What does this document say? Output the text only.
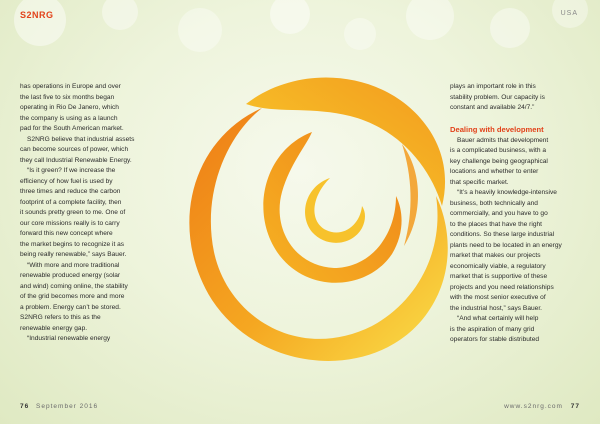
S2NRG	USA

has operations in Europe and over

the last five to six months began

operating in Rio De Janero, which

the company is using as a launch

pad for the South American market.

S2NRG believe that industrial assets

can become sources of power, which

they call Industrial Renewable Energy.

“Is it green? If we increase the

efficiency of how fuel is used by

three times and reduce the carbon

footprint of a complete facility, then

it sounds pretty green to me. One of

our core missions really is to carry

forward this new concept where

the market begins to recognize it as

being really renewable,” says Bauer.

“With more and more traditional

renewable produced energy (solar

and wind) coming online, the stability

of the grid becomes more and more

a problem. Energy can’t be stored.

S2NRG refers to this as the

renewable energy gap.

“Industrial renewable energy

plays an important role in this

stability problem. Our capacity is

constant and available 24/7.”

Dealing with development

Bauer admits that development

is a complicated business, with a

key challenge being geographical

locations and whether to enter

that specific market.

“It’s a heavily knowledge-intensive

business, both technically and

commercially, and you have to go

to the places that have the right

conditions. So these large industrial

plants need to be located in an energy

market that makes our projects

economically viable, a regulatory

market that is supportive of these

projects and you need relationships

with the most senior executive of

the industrial host,” says Bauer.

“And what certainly will help

is the aspiration of many grid

operators for stable distributed

76 September 2016	www.s2nrg.com 77
